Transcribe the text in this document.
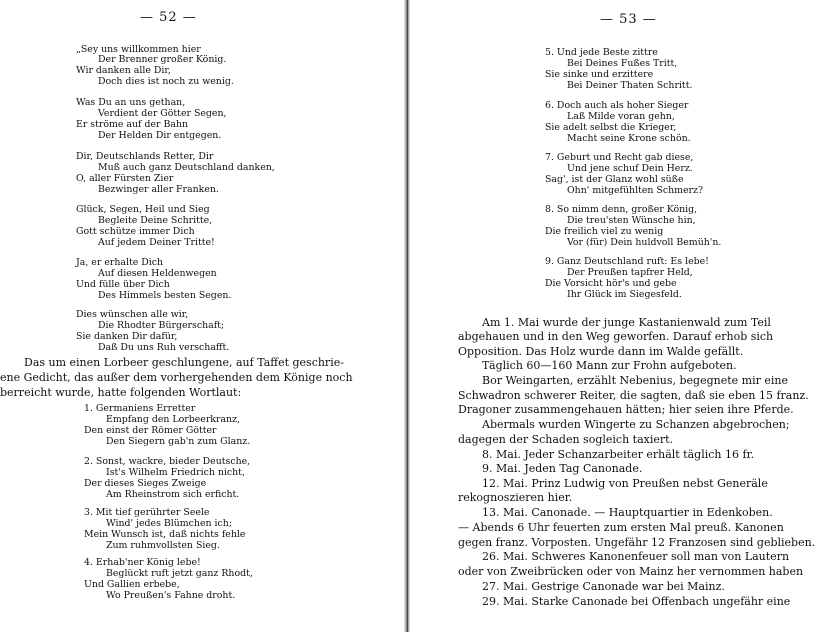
— 52 —
„Sey uns willkommen hier
Der Brenner großer König.
Wir danken alle Dir,
Doch dies ist noch zu wenig.
Was Du an uns gethan,
Verdient der Götter Segen,
Er ströme auf der Bahn
Der Helden Dir entgegen.
Dir, Deutschlands Retter, Dir
Muß auch ganz Deutschland danken,
O, aller Fürsten Zier
Bezwinger aller Franken.
Glück, Segen, Heil und Sieg
Begleite Deine Schritte,
Gott schütze immer Dich
Auf jedem Deiner Tritte!
Ja, er erhalte Dich
Auf diesen Heldenwegen
Und fülle über Dich
Des Himmels besten Segen.
Dies wünschen alle wir,
Die Rhodter Bürgerschaft;
Sie danken Dir dafür,
Daß Du uns Ruh verschafft.
Das um einen Lorbeer geschlungene, auf Taffet geschrie-
ene Gedicht, das außer dem vorhergehenden dem Könige noch
berreicht wurde, hatte folgenden Wortlaut:
1. Germaniens Erretter
Empfang den Lorbeerkranz,
Den einst der Römer Götter
Den Siegern gab'n zum Glanz.
2. Sonst, wackre, bieder Deutsche,
Ist's Wilhelm Friedrich nicht,
Der dieses Sieges Zweige
Am Rheinstrom sich erficht.
3. Mit tief gerührter Seele
Wind' jedes Blümchen ich;
Mein Wunsch ist, daß nichts fehle
Zum ruhmvollsten Sieg.
4. Erhab'ner König lebe!
Beglückt ruft jetzt ganz Rhodt,
Und Gallien erbebe,
Wo Preußen's Fahne droht.
— 53 —
5. Und jede Beste zittre
Bei Deines Fußes Tritt,
Sie sinke und erzittere
Bei Deiner Thaten Schritt.
6. Doch auch als hoher Sieger
Laß Milde voran gehn,
Sie adelt selbst die Krieger,
Macht seine Krone schön.
7. Geburt und Recht gab diese,
Und jene schuf Dein Herz.
Sag', ist der Glanz wohl süße
Ohn' mitgefühlten Schmerz?
8. So nimm denn, großer König,
Die treu'sten Wünsche hin,
Die freilich viel zu wenig
Vor (für) Dein huldvoll Bemüh'n.
9. Ganz Deutschland ruft: Es lebe!
Der Preußen tapfrer Held,
Die Vorsicht hör's und gebe
Ihr Glück im Siegesfeld.
Am 1. Mai wurde der junge Kastanienwald zum Teil
abgehauen und in den Weg geworfen. Darauf erhob sich
Opposition. Das Holz wurde dann im Walde gefällt.
Täglich 60—160 Mann zur Frohn aufgeboten.
Bor Weingarten, erzählt Nebenius, begegnete mir eine
Schwadron schwerer Reiter, die sagten, daß sie eben 15 franz.
Dragoner zusammengehauen hätten; hier seien ihre Pferde.
Abermals wurden Wingerte zu Schanzen abgebrochen;
dagegen der Schaden sogleich taxiert.
8. Mai. Jeder Schanzarbeiter erhält täglich 16 fr.
9. Mai. Jeden Tag Canonade.
12. Mai. Prinz Ludwig von Preußen nebst Generäle
rekognoszieren hier.
13. Mai. Canonade. — Hauptquartier in Edenkoben.
— Abends 6 Uhr feuerten zum ersten Mal preuß. Kanonen
gegen franz. Vorposten. Ungefähr 12 Franzosen sind geblieben.
26. Mai. Schweres Kanonenfeuer soll man von Lautern
oder von Zweibrücken oder von Mainz her vernommen haben
27. Mai. Gestrige Canonade war bei Mainz.
29. Mai. Starke Canonade bei Offenbach ungefähr eine
